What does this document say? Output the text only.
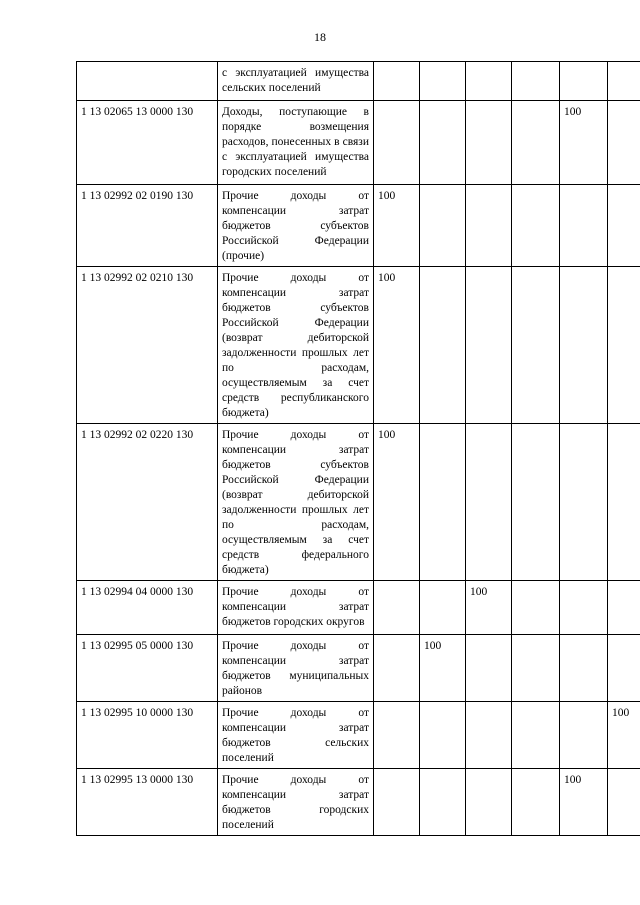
18
	с эксплуатацией имущества сельских поселений						
1 13 02065 13 0000 130	Доходы, поступающие в порядке возмещения расходов, понесенных в связи с эксплуатацией имущества городских поселений					100	
1 13 02992 02 0190 130	Прочие доходы от компенсации затрат бюджетов субъектов Российской Федерации (прочие)	100					
1 13 02992 02 0210 130	Прочие доходы от компенсации затрат бюджетов субъектов Российской Федерации (возврат дебиторской задолженности прошлых лет по расходам, осуществляемым за счет средств республиканского бюджета)	100					
1 13 02992 02 0220 130	Прочие доходы от компенсации затрат бюджетов субъектов Российской Федерации (возврат дебиторской задолженности прошлых лет по расходам, осуществляемым за счет средств федерального бюджета)	100					
1 13 02994 04 0000 130	Прочие доходы от компенсации затрат бюджетов городских округов			100			
1 13 02995 05 0000 130	Прочие доходы от компенсации затрат бюджетов муниципальных районов		100				
1 13 02995 10 0000 130	Прочие доходы от компенсации затрат бюджетов сельских поселений						100
1 13 02995 13 0000 130	Прочие доходы от компенсации затрат бюджетов городских поселений					100	
